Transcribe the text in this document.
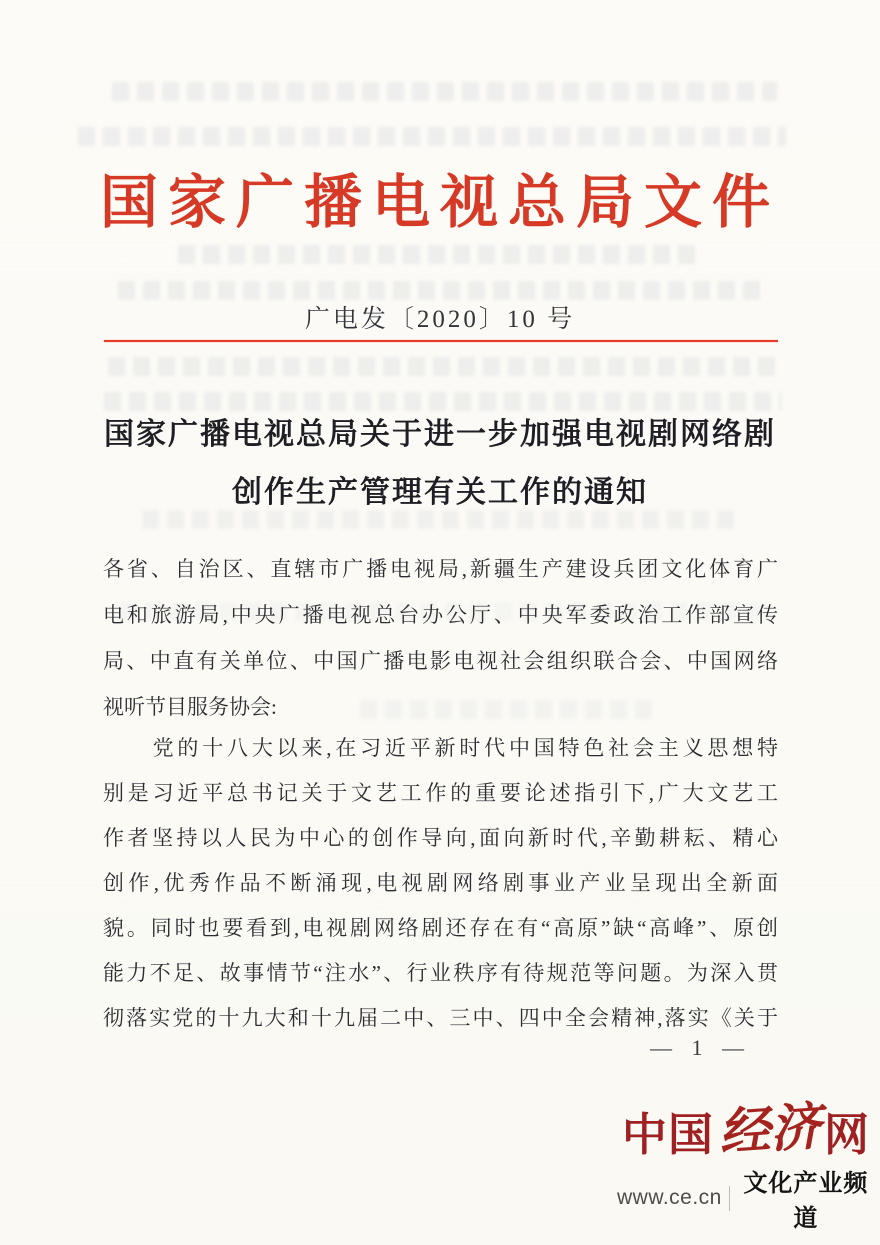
国家广播电视总局文件
广电发〔2020〕10 号
国家广播电视总局关于进一步加强电视剧网络剧
创作生产管理有关工作的通知
各省、自治区、直辖市广播电视局,新疆生产建设兵团文化体育广
电和旅游局,中央广播电视总台办公厅、中央军委政治工作部宣传
局、中直有关单位、中国广播电影电视社会组织联合会、中国网络
视听节目服务协会:
　　党的十八大以来,在习近平新时代中国特色社会主义思想特
别是习近平总书记关于文艺工作的重要论述指引下,广大文艺工
作者坚持以人民为中心的创作导向,面向新时代,辛勤耕耘、精心
创作,优秀作品不断涌现,电视剧网络剧事业产业呈现出全新面
貌。同时也要看到,电视剧网络剧还存在有“高原”缺“高峰”、原创
能力不足、故事情节“注水”、行业秩序有待规范等问题。为深入贯
彻落实党的十九大和十九届二中、三中、四中全会精神,落实《关于
— 1 —
中国 经济 网
www.ce.cn
文化产业频道
